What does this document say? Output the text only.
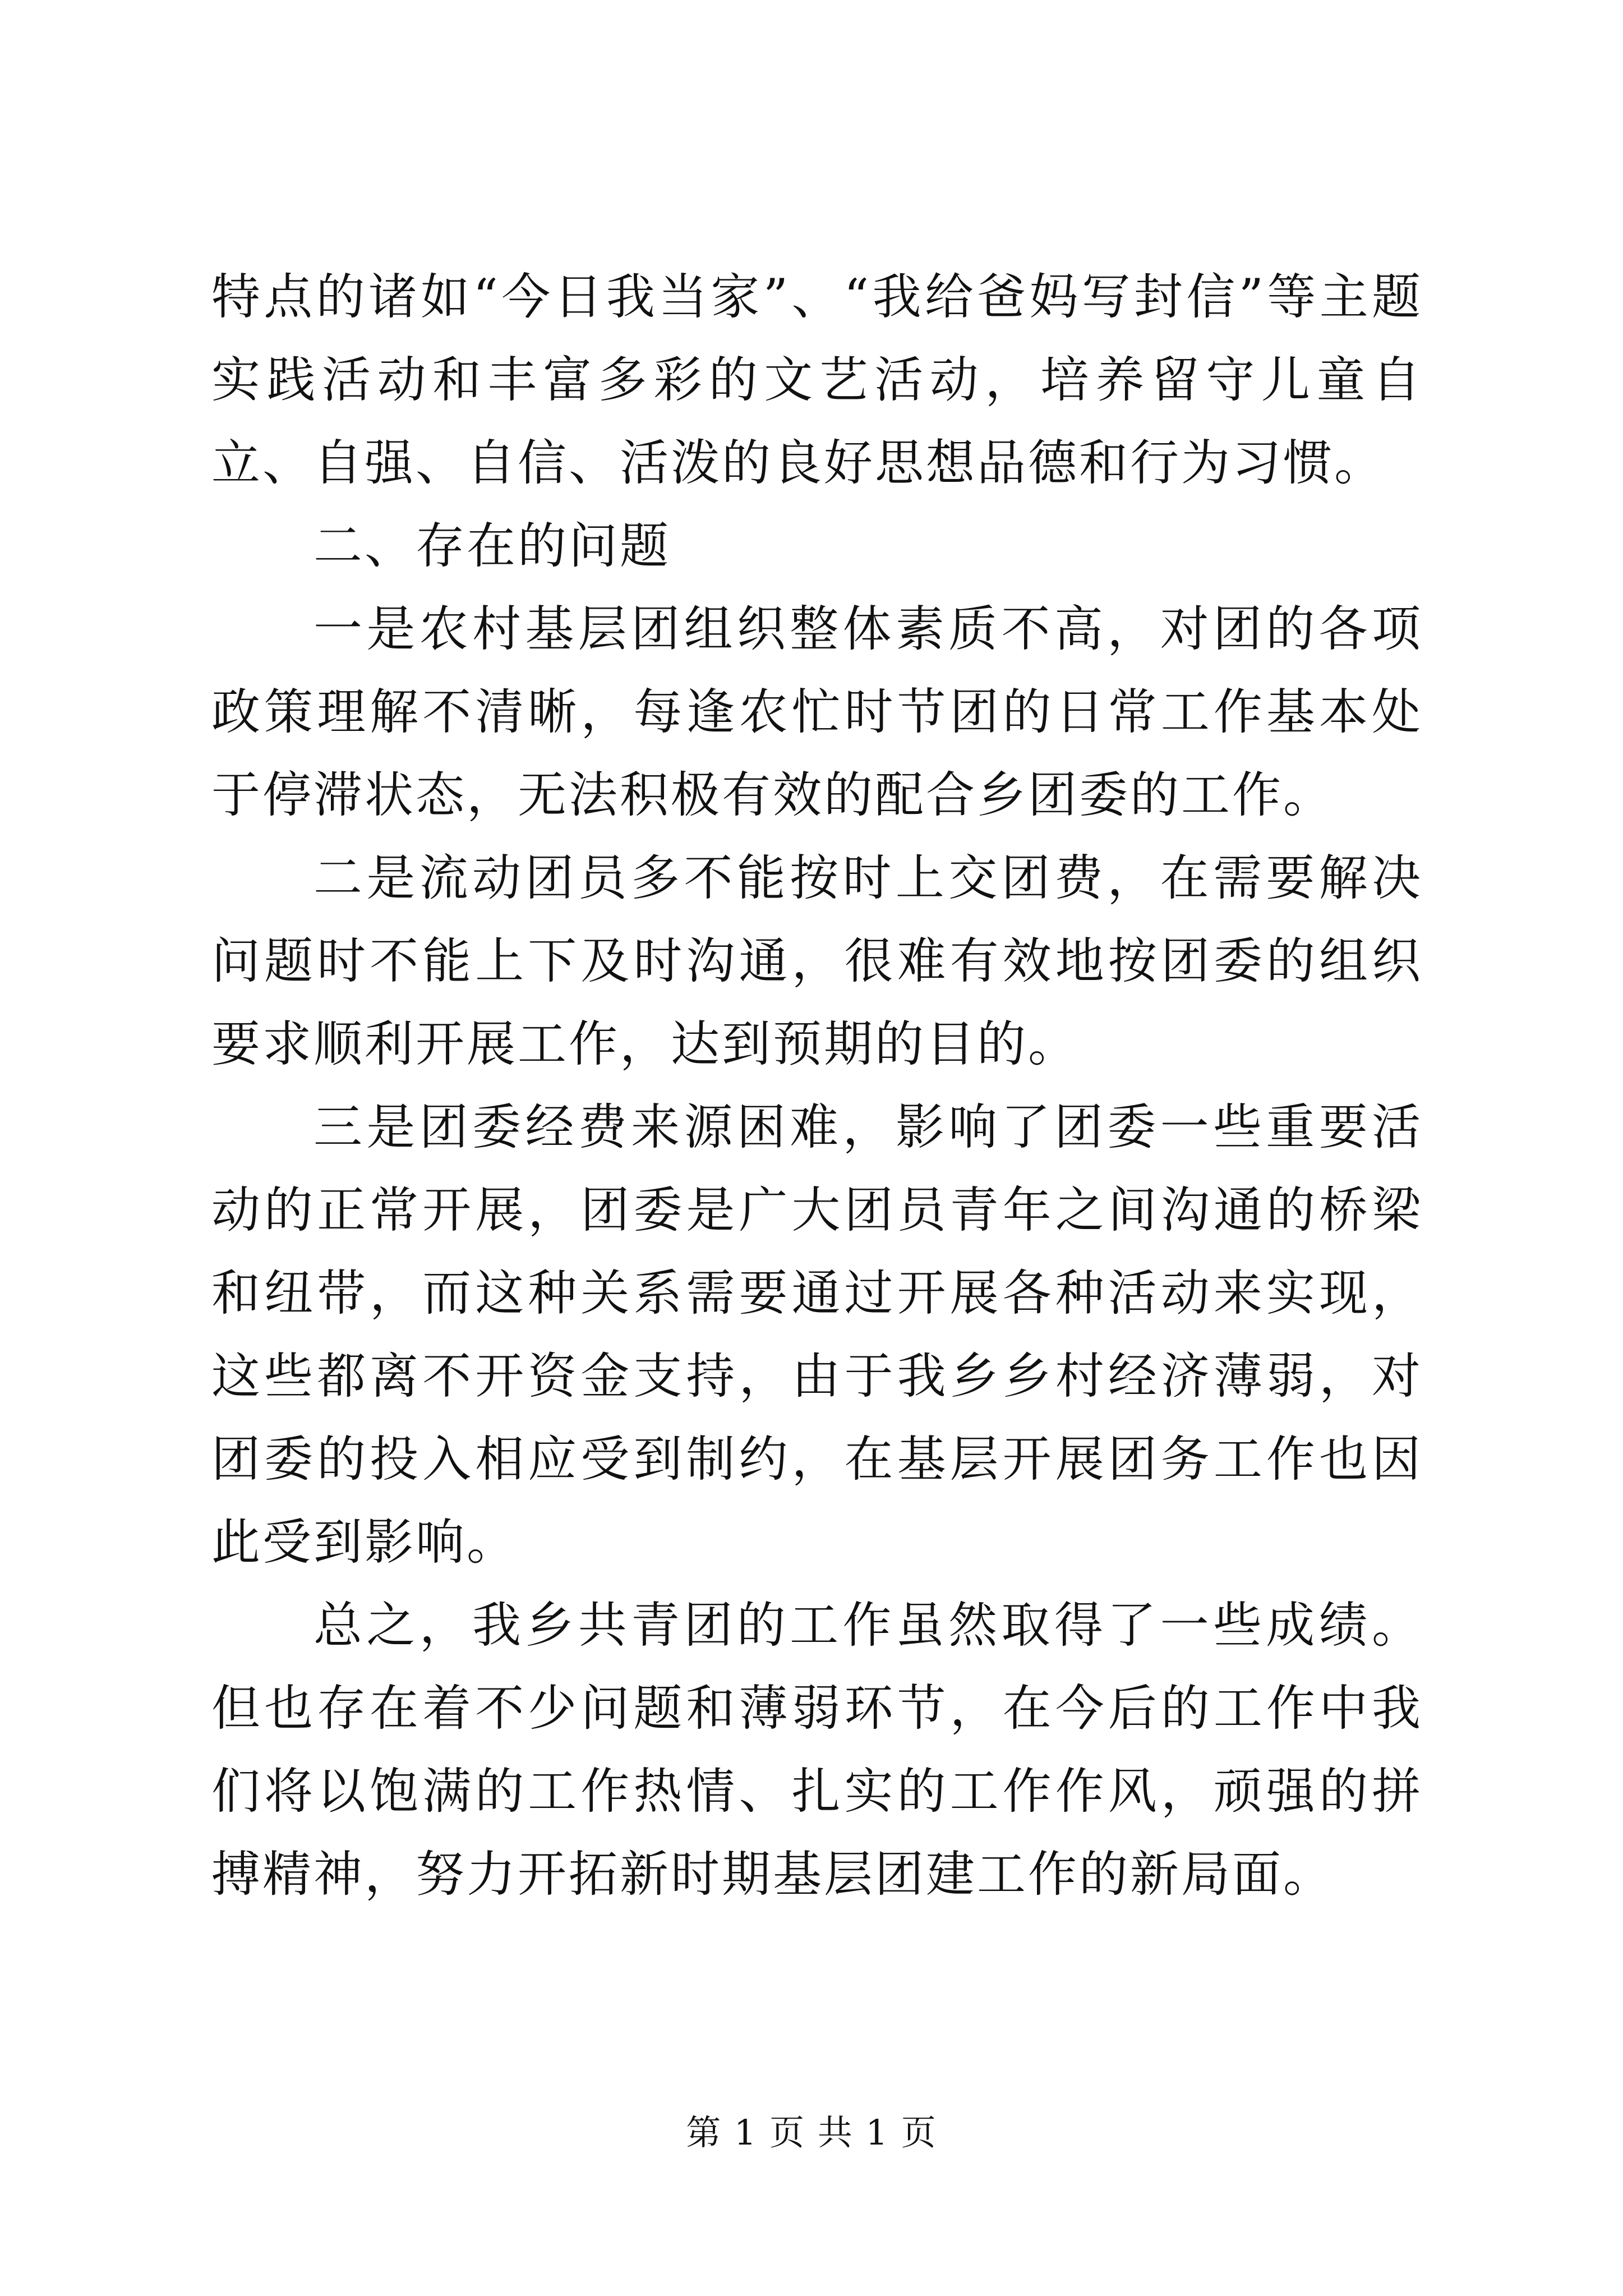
特点的诸如“今日我当家”、“我给爸妈写封信”等主题实践活动和丰富多彩的文艺活动，培养留守儿童自立、自强、自信、活泼的良好思想品德和行为习惯。

二、存在的问题

一是农村基层团组织整体素质不高，对团的各项政策理解不清晰，每逢农忙时节团的日常工作基本处于停滞状态，无法积极有效的配合乡团委的工作。

二是流动团员多不能按时上交团费，在需要解决问题时不能上下及时沟通，很难有效地按团委的组织要求顺利开展工作，达到预期的目的。

三是团委经费来源困难，影响了团委一些重要活动的正常开展，团委是广大团员青年之间沟通的桥梁和纽带，而这种关系需要通过开展各种活动来实现，这些都离不开资金支持，由于我乡乡村经济薄弱，对团委的投入相应受到制约，在基层开展团务工作也因此受到影响。

总之，我乡共青团的工作虽然取得了一些成绩。但也存在着不少问题和薄弱环节，在今后的工作中我们将以饱满的工作热情、扎实的工作作风，顽强的拼搏精神，努力开拓新时期基层团建工作的新局面。

第 1 页 共 1 页
